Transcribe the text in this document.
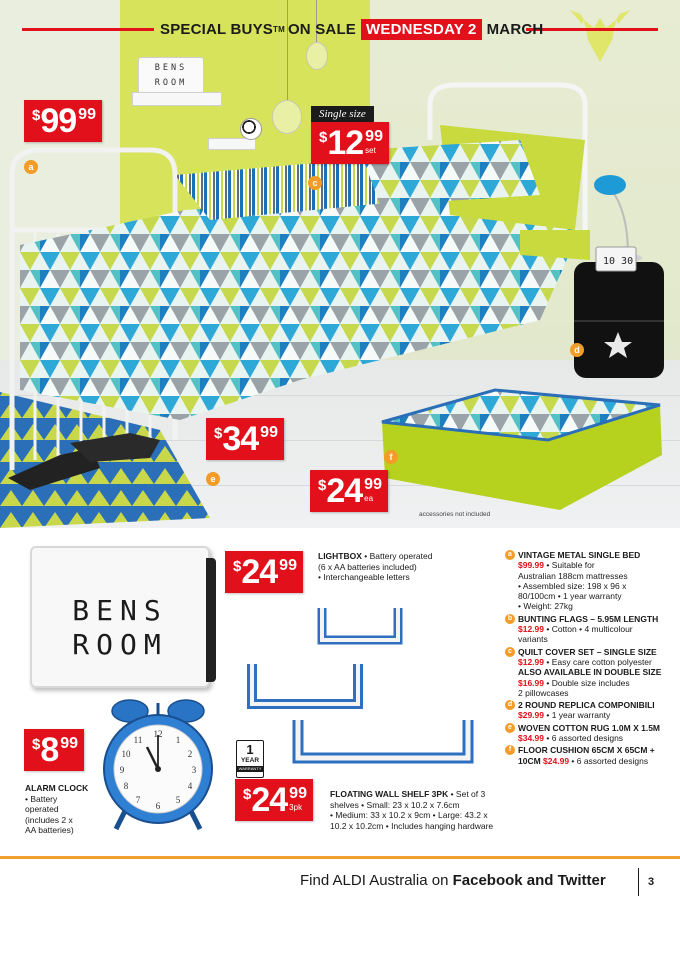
BENS
ROOM
10 30
SPECIAL BUYS TM ON SALE WEDNESDAY 2 MARCH
$ 99 99
a
Single size
$ 12 99
set
c
d
$ 34 99
e
f
$ 24 99
ea
accessories not included
BENS
ROOM
$ 24 99
LIGHTBOX • Battery operated
(6 x AA batteries included)
• Interchangeable letters
1
YEAR
WARRANTY
$ 24 99
3pk
FLOATING WALL SHELF 3PK • Set of 3
shelves • Small: 23 x 10.2 x 7.6cm
• Medium: 33 x 10.2 x 9cm • Large: 43.2 x
10.2 x 10.2cm • Includes hanging hardware
$ 8 99
ALARM CLOCK
• Battery
operated
(includes 2 x
AA batteries)
12
1
2
3
4
5
6
7
8
9
10
11
a VINTAGE METAL SINGLE BED
$99.99 • Suitable for
Australian 188cm mattresses
• Assembled size: 198 x 96 x
80/100cm • 1 year warranty
• Weight: 27kg
b BUNTING FLAGS – 5.95M LENGTH
$12.99 • Cotton • 4 multicolour
variants
c QUILT COVER SET – SINGLE SIZE
$12.99 • Easy care cotton polyester
ALSO AVAILABLE IN DOUBLE SIZE
$16.99 • Double size includes
2 pillowcases
d 2 ROUND REPLICA COMPONIBILI
$29.99 • 1 year warranty
e WOVEN COTTON RUG 1.0M X 1.5M
$34.99 • 6 assorted designs
f FLOOR CUSHION 65CM X 65CM +
10CM $24.99 • 6 assorted designs
Find ALDI Australia on Facebook and Twitter	3
